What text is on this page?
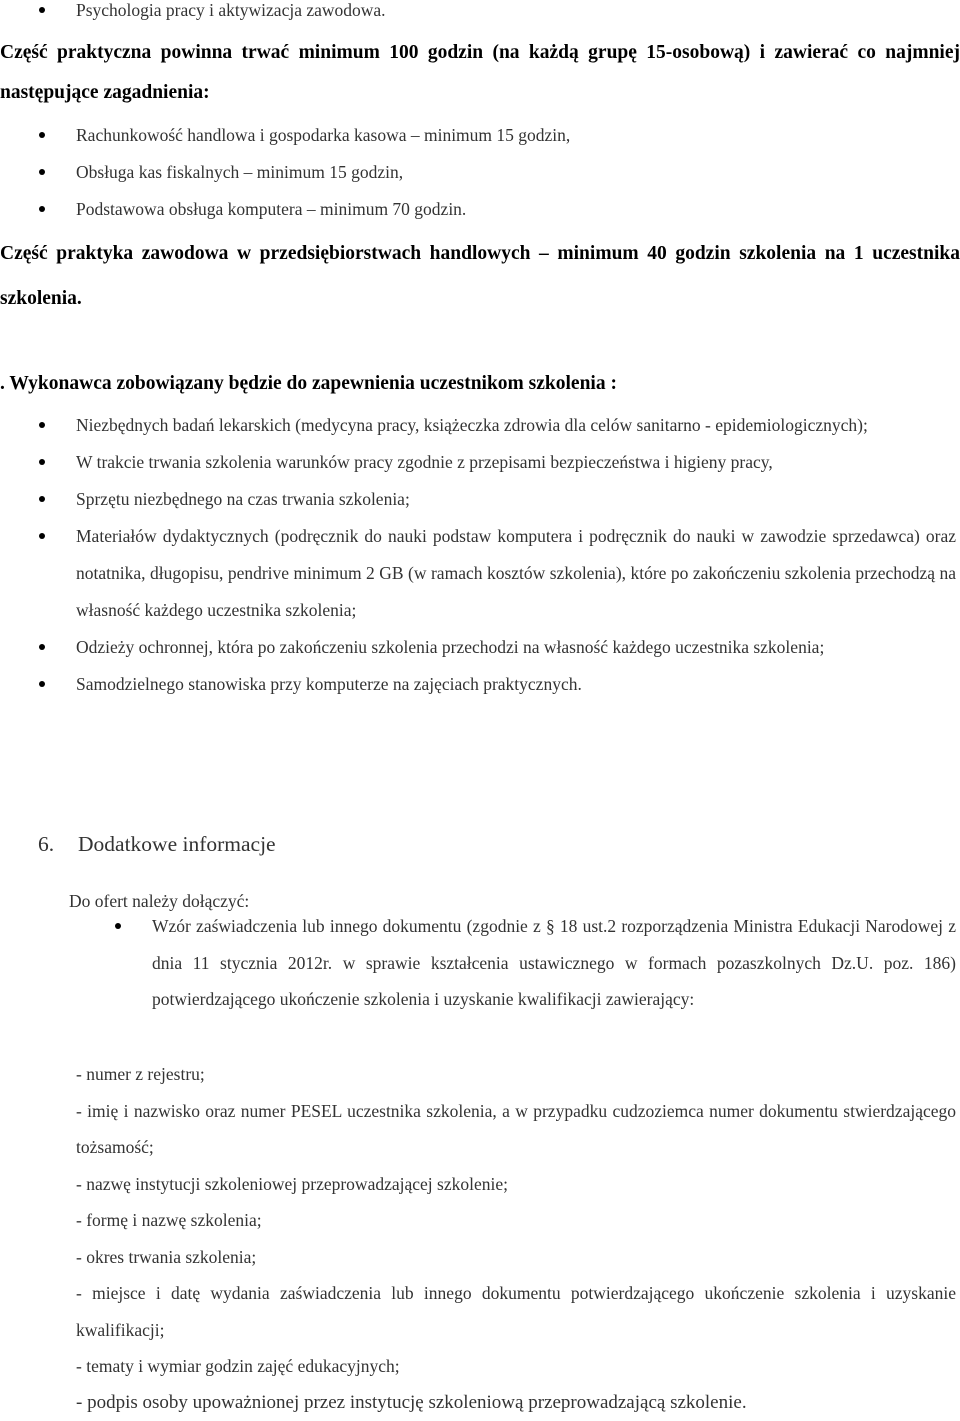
Psychologia pracy i aktywizacja zawodowa.

Część praktyczna powinna trwać minimum 100 godzin (na każdą grupę 15-osobową) i zawierać co najmniej następujące zagadnienia:

Rachunkowość handlowa i gospodarka kasowa – minimum 15 godzin,
Obsługa kas fiskalnych – minimum 15 godzin,
Podstawowa obsługa komputera – minimum 70 godzin.

Część praktyka zawodowa w przedsiębiorstwach handlowych – minimum 40 godzin szkolenia na 1 uczestnika szkolenia.

. Wykonawca zobowiązany będzie do zapewnienia uczestnikom szkolenia :

Niezbędnych badań lekarskich (medycyna pracy, książeczka zdrowia dla celów sanitarno - epidemiologicznych);
W trakcie trwania szkolenia warunków pracy zgodnie z przepisami bezpieczeństwa i higieny pracy,
Sprzętu niezbędnego na czas trwania szkolenia;
Materiałów dydaktycznych (podręcznik do nauki podstaw komputera i podręcznik do nauki w zawodzie sprzedawca) oraz notatnika, długopisu, pendrive minimum 2 GB (w ramach kosztów szkolenia), które po zakończeniu szkolenia przechodzą na własność każdego uczestnika szkolenia;
Odzieży ochronnej, która po zakończeniu szkolenia przechodzi na własność każdego uczestnika szkolenia;
Samodzielnego stanowiska przy komputerze na zajęciach praktycznych.

6. Dodatkowe informacje

Do ofert należy dołączyć:

Wzór zaświadczenia lub innego dokumentu (zgodnie z § 18 ust.2 rozporządzenia Ministra Edukacji Narodowej z dnia 11 stycznia 2012r. w sprawie kształcenia ustawicznego w formach pozaszkolnych Dz.U. poz. 186) potwierdzającego ukończenie szkolenia i uzyskanie kwalifikacji zawierający:

- numer z rejestru;

- imię i nazwisko oraz numer PESEL uczestnika szkolenia, a w przypadku cudzoziemca numer dokumentu stwierdzającego tożsamość;

- nazwę instytucji szkoleniowej przeprowadzającej szkolenie;

- formę i nazwę szkolenia;

- okres trwania szkolenia;

- miejsce i datę wydania zaświadczenia lub innego dokumentu potwierdzającego ukończenie szkolenia i uzyskanie kwalifikacji;

- tematy i wymiar godzin zajęć edukacyjnych;

- podpis osoby upoważnionej przez instytucję szkoleniową przeprowadzającą szkolenie.
